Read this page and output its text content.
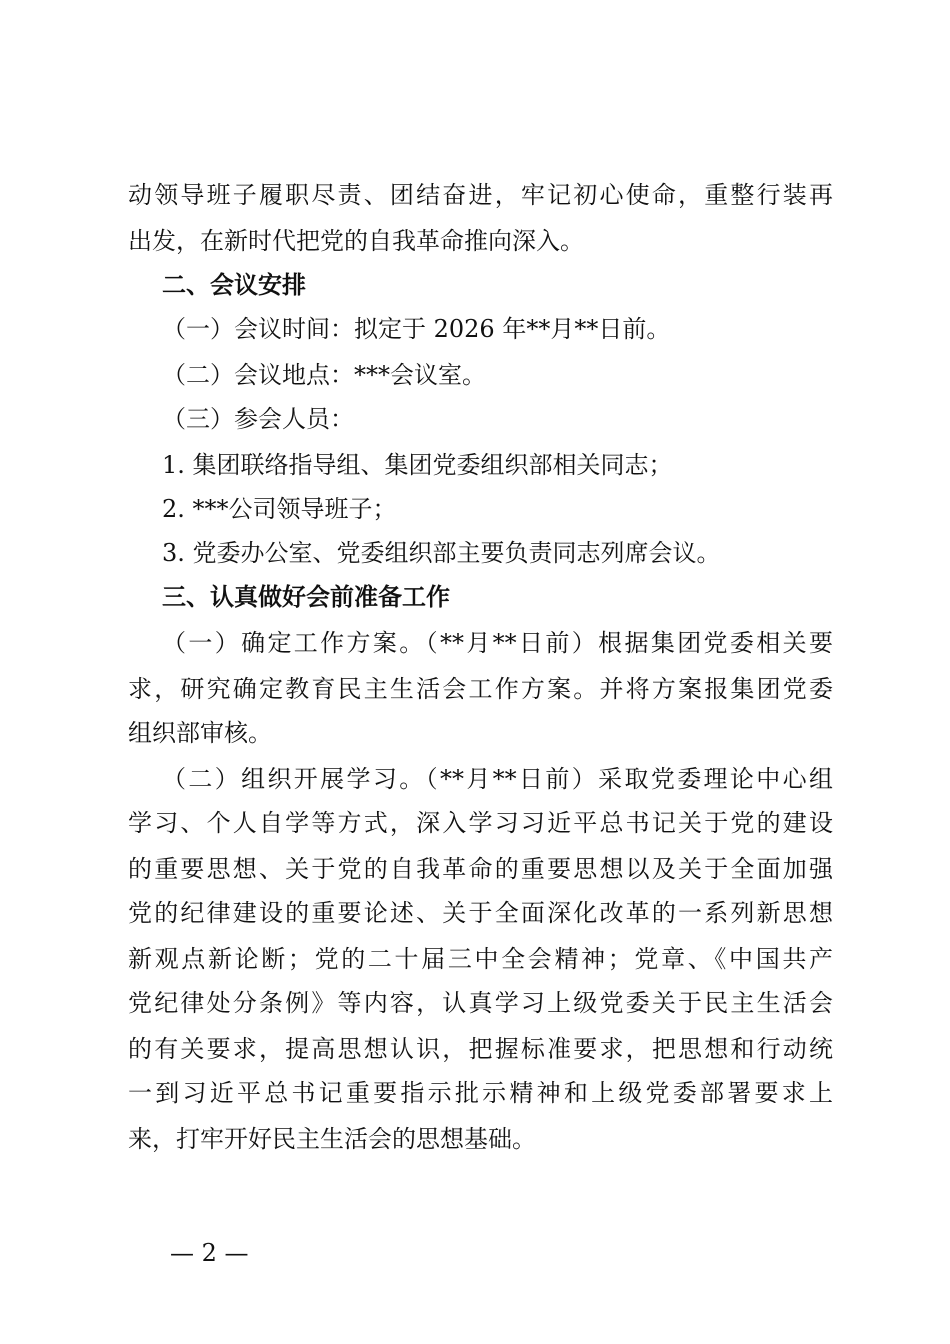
动领导班子履职尽责、团结奋进，牢记初心使命，重整行装再
出发，在新时代把党的自我革命推向深入。
二、会议安排
（一）会议时间：拟定于 2026 年**月**日前。
（二）会议地点：***会议室。
（三）参会人员：
1. 集团联络指导组、集团党委组织部相关同志；
2. ***公司领导班子；
3. 党委办公室、党委组织部主要负责同志列席会议。
三、认真做好会前准备工作
（一）确定工作方案。（**月**日前）根据集团党委相关要
求，研究确定教育民主生活会工作方案。并将方案报集团党委
组织部审核。
（二）组织开展学习。（**月**日前）采取党委理论中心组
学习、个人自学等方式，深入学习习近平总书记关于党的建设
的重要思想、关于党的自我革命的重要思想以及关于全面加强
党的纪律建设的重要论述、关于全面深化改革的一系列新思想
新观点新论断；党的二十届三中全会精神；党章、《中国共产
党纪律处分条例》等内容，认真学习上级党委关于民主生活会
的有关要求，提高思想认识，把握标准要求，把思想和行动统
一到习近平总书记重要指示批示精神和上级党委部署要求上
来，打牢开好民主生活会的思想基础。
— 2 —
